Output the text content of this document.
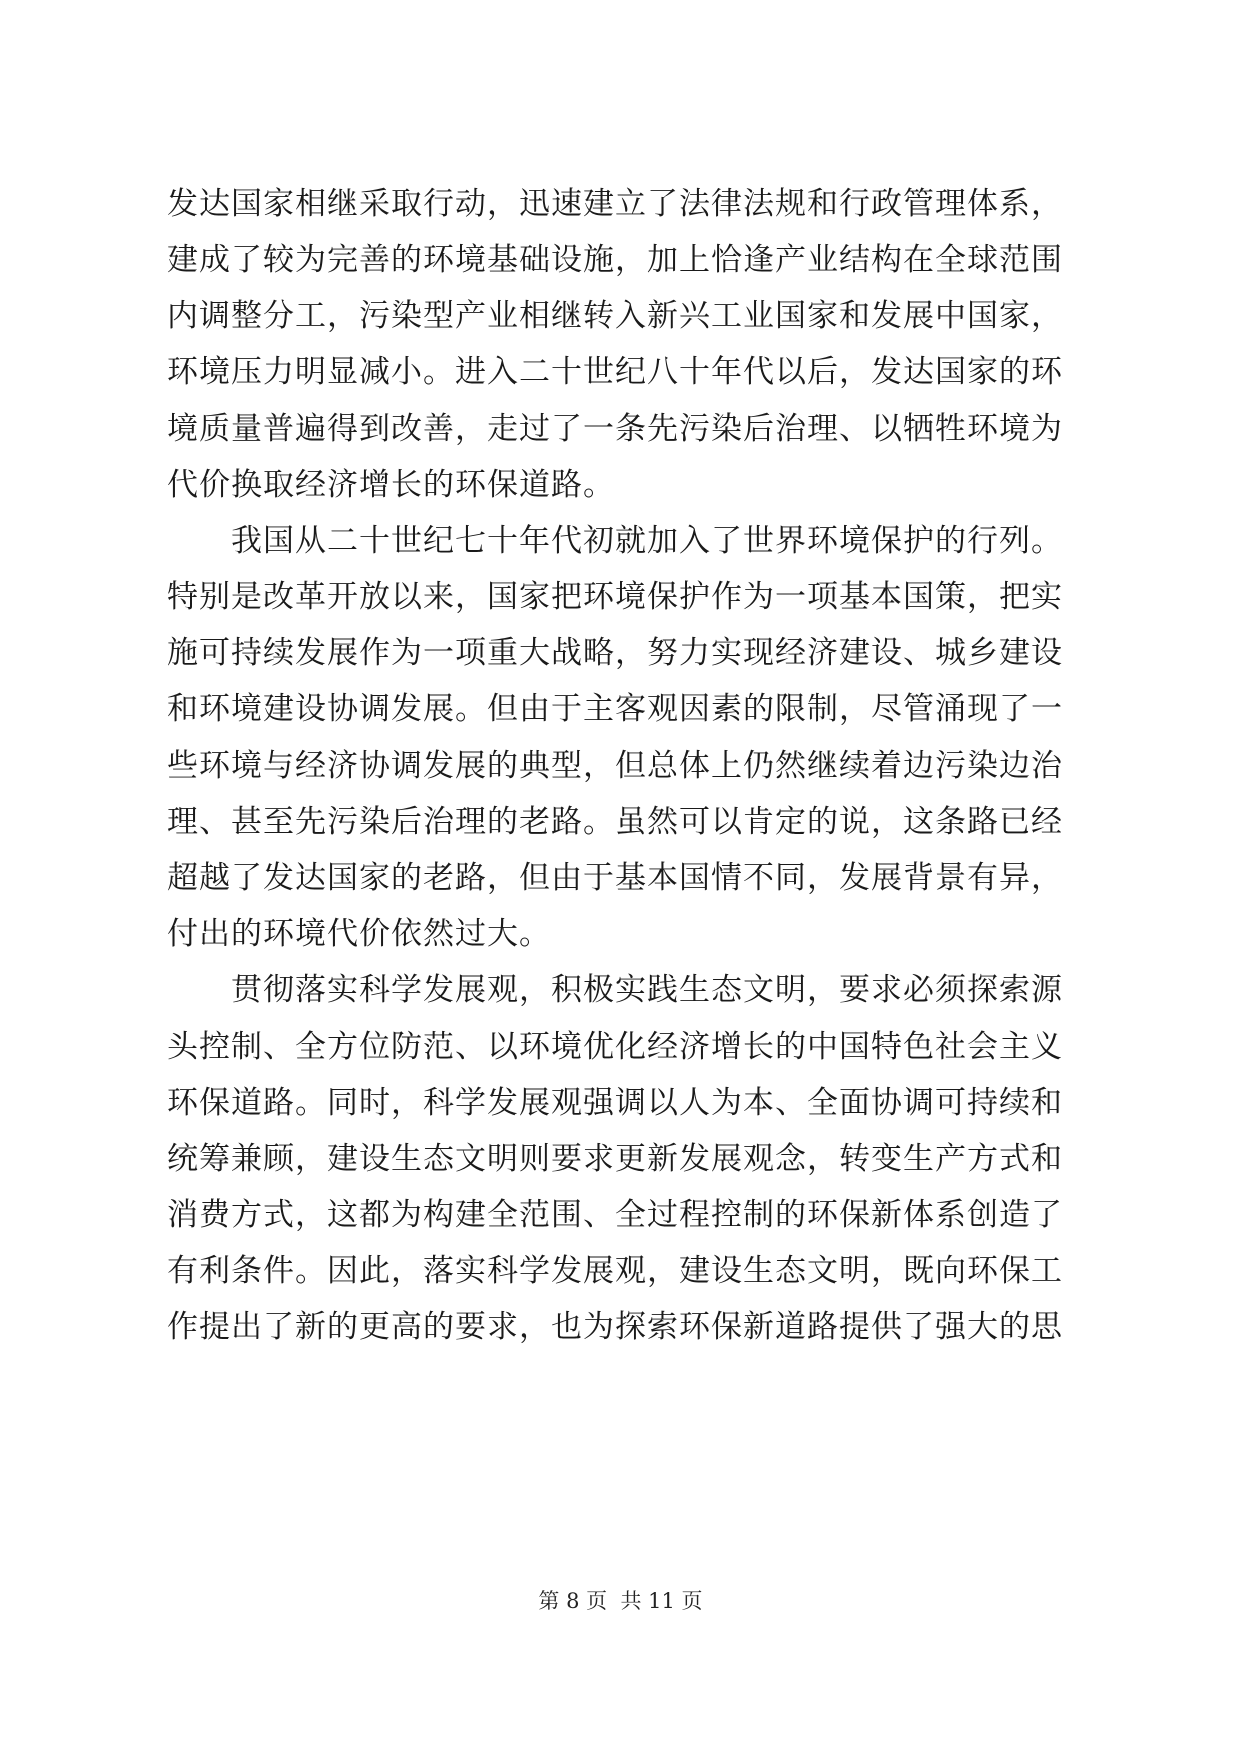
发达国家相继采取行动，迅速建立了法律法规和行政管理体系，
建成了较为完善的环境基础设施，加上恰逢产业结构在全球范围
内调整分工，污染型产业相继转入新兴工业国家和发展中国家，
环境压力明显减小。进入二十世纪八十年代以后，发达国家的环
境质量普遍得到改善，走过了一条先污染后治理、以牺牲环境为
代价换取经济增长的环保道路。
　　我国从二十世纪七十年代初就加入了世界环境保护的行列。
特别是改革开放以来，国家把环境保护作为一项基本国策，把实
施可持续发展作为一项重大战略，努力实现经济建设、城乡建设
和环境建设协调发展。但由于主客观因素的限制，尽管涌现了一
些环境与经济协调发展的典型，但总体上仍然继续着边污染边治
理、甚至先污染后治理的老路。虽然可以肯定的说，这条路已经
超越了发达国家的老路，但由于基本国情不同，发展背景有异，
付出的环境代价依然过大。
　　贯彻落实科学发展观，积极实践生态文明，要求必须探索源
头控制、全方位防范、以环境优化经济增长的中国特色社会主义
环保道路。同时，科学发展观强调以人为本、全面协调可持续和
统筹兼顾，建设生态文明则要求更新发展观念，转变生产方式和
消费方式，这都为构建全范围、全过程控制的环保新体系创造了
有利条件。因此，落实科学发展观，建设生态文明，既向环保工
作提出了新的更高的要求，也为探索环保新道路提供了强大的思
第 8 页  共 11 页
